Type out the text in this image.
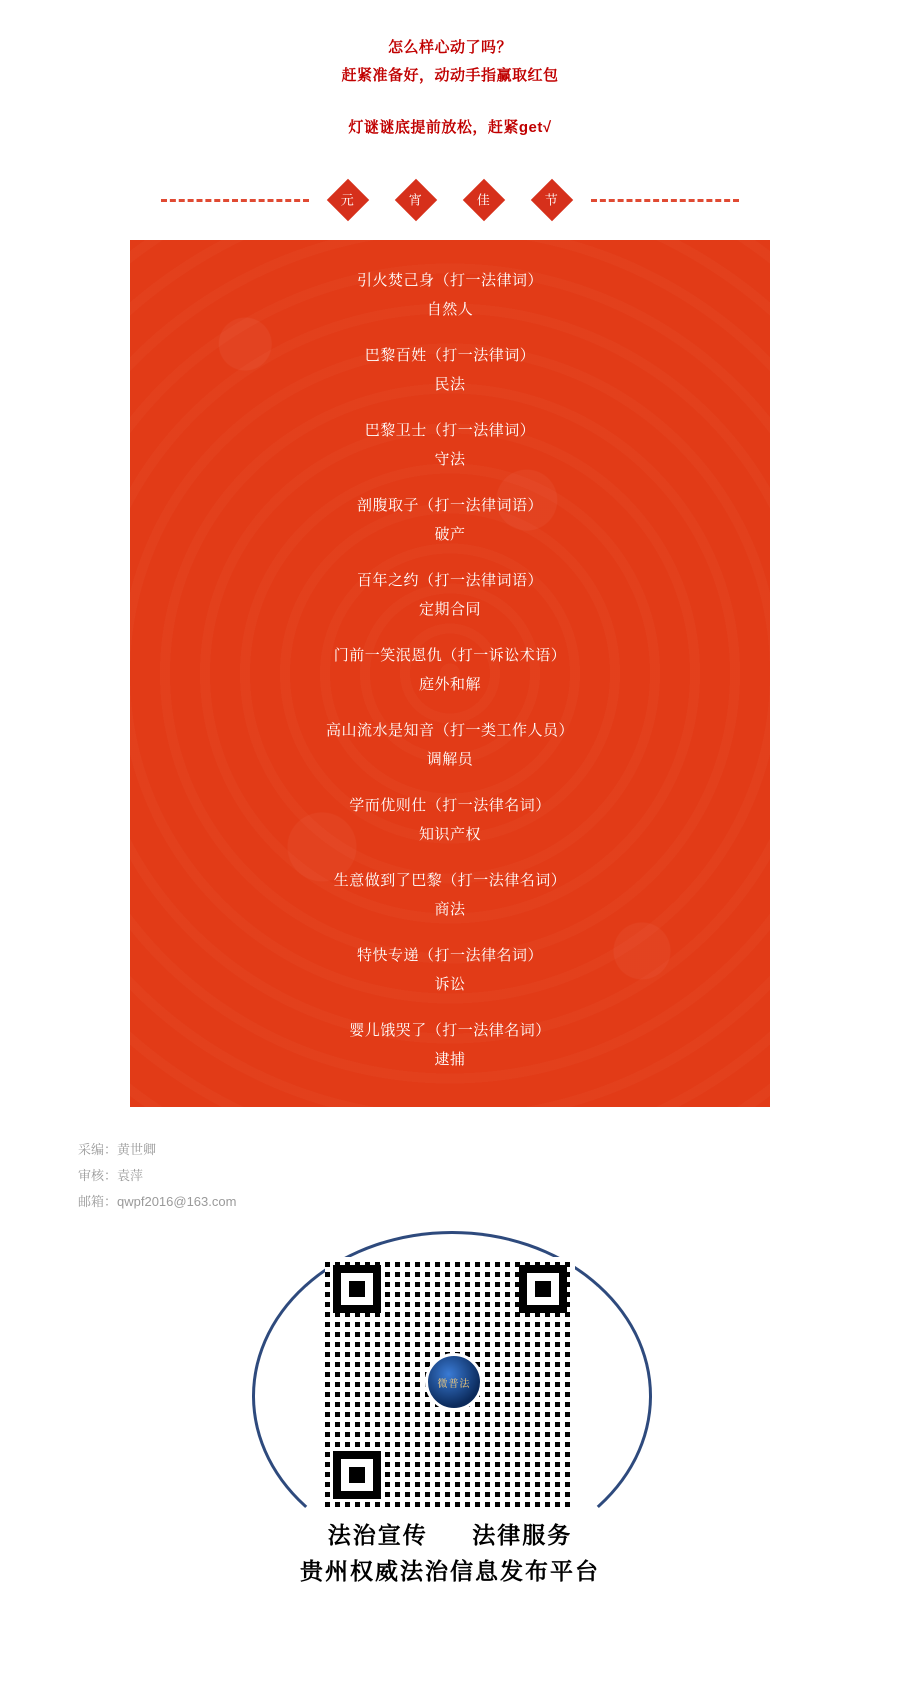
怎么样心动了吗？
赶紧准备好，动动手指赢取红包
灯谜谜底提前放松，赶紧get√
元	宵	佳	节
引火焚己身（打一法律词）
自然人
巴黎百姓（打一法律词）
民法
巴黎卫士（打一法律词）
守法
剖腹取子（打一法律词语）
破产
百年之约（打一法律词语）
定期合同
门前一笑泯恩仇（打一诉讼术语）
庭外和解
高山流水是知音（打一类工作人员）
调解员
学而优则仕（打一法律名词）
知识产权
生意做到了巴黎（打一法律名词）
商法
特快专递（打一法律名词）
诉讼
婴儿饿哭了（打一法律名词）
逮捕
采编：黄世卿
审核：袁萍
邮箱：qwpf2016@163.com
微普法
法治宣传 法律服务
贵州权威法治信息发布平台
